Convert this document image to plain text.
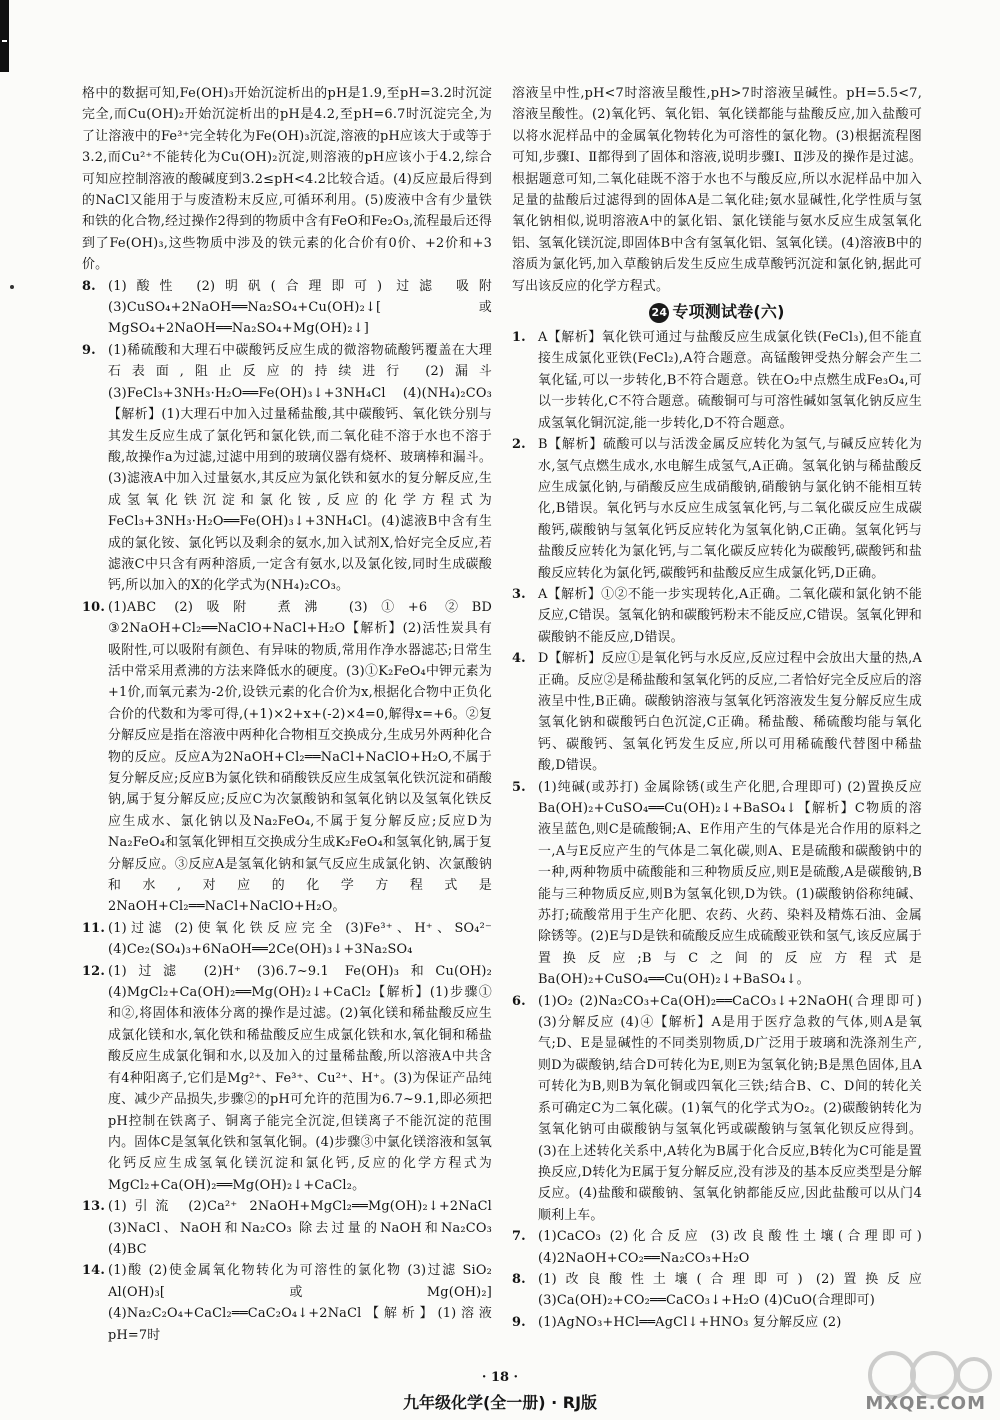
格中的数据可知,Fe(OH)₃开始沉淀析出的pH是1.9,至pH=3.2时沉淀完全,而Cu(OH)₂开始沉淀析出的pH是4.2,至pH=6.7时沉淀完全,为了让溶液中的Fe³⁺完全转化为Fe(OH)₃沉淀,溶液的pH应该大于或等于3.2,而Cu²⁺不能转化为Cu(OH)₂沉淀,则溶液的pH应该小于4.2,综合可知应控制溶液的酸碱度到3.2≤pH<4.2比较合适。(4)反应最后得到的NaCl又能用于与废渣粉末反应,可循环利用。(5)废液中含有少量铁和铁的化合物,经过操作2得到的物质中含有FeO和Fe₂O₃,流程最后还得到了Fe(OH)₃,这些物质中涉及的铁元素的化合价有0价、+2价和+3价。
8. (1)酸性 (2)明矾(合理即可) 过滤 吸附 (3)CuSO₄+2NaOH══Na₂SO₄+Cu(OH)₂↓[或MgSO₄+2NaOH══Na₂SO₄+Mg(OH)₂↓]
9. (1)稀硫酸和大理石中碳酸钙反应生成的微溶物硫酸钙覆盖在大理石表面,阻止反应的持续进行 (2)漏斗 (3)FeCl₃+3NH₃·H₂O══Fe(OH)₃↓+3NH₄Cl (4)(NH₄)₂CO₃【解析】(1)大理石中加入过量稀盐酸,其中碳酸钙、氧化铁分别与其发生反应生成了氯化钙和氯化铁,而二氧化硅不溶于水也不溶于酸,故操作a为过滤,过滤中用到的玻璃仪器有烧杯、玻璃棒和漏斗。(3)滤液A中加入过量氨水,其反应为氯化铁和氨水的复分解反应,生成氢氧化铁沉淀和氯化铵,反应的化学方程式为FeCl₃+3NH₃·H₂O══Fe(OH)₃↓+3NH₄Cl。(4)滤液B中含有生成的氯化铵、氯化钙以及剩余的氨水,加入试剂X,恰好完全反应,若滤液C中只含有两种溶质,一定含有氨水,以及氯化铵,同时生成碳酸钙,所以加入的X的化学式为(NH₄)₂CO₃。
10. (1)ABC (2)吸附 煮沸 (3)①+6 ②BD ③2NaOH+Cl₂══NaClO+NaCl+H₂O【解析】(2)活性炭具有吸附性,可以吸附有颜色、有异味的物质,常用作净水器滤芯;日常生活中常采用煮沸的方法来降低水的硬度。(3)①K₂FeO₄中钾元素为+1价,而氧元素为-2价,设铁元素的化合价为x,根据化合物中正负化合价的代数和为零可得,(+1)×2+x+(-2)×4=0,解得x=+6。②复分解反应是指在溶液中两种化合物相互交换成分,生成另外两种化合物的反应。反应A为2NaOH+Cl₂══NaCl+NaClO+H₂O,不属于复分解反应;反应B为氯化铁和硝酸铁反应生成氢氧化铁沉淀和硝酸钠,属于复分解反应;反应C为次氯酸钠和氢氧化钠以及氢氧化铁反应生成水、氯化钠以及Na₂FeO₄,不属于复分解反应;反应D为Na₂FeO₄和氢氧化钾相互交换成分生成K₂FeO₄和氢氧化钠,属于复分解反应。③反应A是氢氧化钠和氯气反应生成氯化钠、次氯酸钠和水,对应的化学方程式是2NaOH+Cl₂══NaCl+NaClO+H₂O。
11. (1)过滤 (2)使氧化铁反应完全 (3)Fe³⁺、H⁺、SO₄²⁻ (4)Ce₂(SO₄)₃+6NaOH══2Ce(OH)₃↓+3Na₂SO₄
12. (1)过滤 (2)H⁺ (3)6.7~9.1 Fe(OH)₃和Cu(OH)₂ (4)MgCl₂+Ca(OH)₂══Mg(OH)₂↓+CaCl₂【解析】(1)步骤①和②,将固体和液体分离的操作是过滤。(2)氧化镁和稀盐酸反应生成氯化镁和水,氧化铁和稀盐酸反应生成氯化铁和水,氧化铜和稀盐酸反应生成氯化铜和水,以及加入的过量稀盐酸,所以溶液A中共含有4种阳离子,它们是Mg²⁺、Fe³⁺、Cu²⁺、H⁺。(3)为保证产品纯度、减少产品损失,步骤②的pH可允许的范围为6.7~9.1,即必须把pH控制在铁离子、铜离子能完全沉淀,但镁离子不能沉淀的范围内。固体C是氢氧化铁和氢氧化铜。(4)步骤③中氯化镁溶液和氢氧化钙反应生成氢氧化镁沉淀和氯化钙,反应的化学方程式为MgCl₂+Ca(OH)₂══Mg(OH)₂↓+CaCl₂。
13. (1)引流 (2)Ca²⁺ 2NaOH+MgCl₂══Mg(OH)₂↓+2NaCl (3)NaCl、NaOH和Na₂CO₃ 除去过量的NaOH和Na₂CO₃ (4)BC
14. (1)酸 (2)使金属氧化物转化为可溶性的氯化物 (3)过滤 SiO₂ Al(OH)₃[或Mg(OH)₂] (4)Na₂C₂O₄+CaCl₂══CaC₂O₄↓+2NaCl【解析】(1)溶液pH=7时
溶液呈中性,pH<7时溶液呈酸性,pH>7时溶液呈碱性。pH=5.5<7,溶液呈酸性。(2)氧化钙、氧化铝、氧化镁都能与盐酸反应,加入盐酸可以将水泥样品中的金属氧化物转化为可溶性的氯化物。(3)根据流程图可知,步骤Ⅰ、Ⅱ都得到了固体和溶液,说明步骤Ⅰ、Ⅱ涉及的操作是过滤。根据题意可知,二氧化硅既不溶于水也不与酸反应,所以水泥样品中加入足量的盐酸后过滤得到的固体A是二氧化硅;氨水显碱性,化学性质与氢氧化钠相似,说明溶液A中的氯化铝、氯化镁能与氨水反应生成氢氧化铝、氢氧化镁沉淀,即固体B中含有氢氧化铝、氢氧化镁。(4)溶液B中的溶质为氯化钙,加入草酸钠后发生反应生成草酸钙沉淀和氯化钠,据此可写出该反应的化学方程式。
24 专项测试卷(六)
1. A【解析】氧化铁可通过与盐酸反应生成氯化铁(FeCl₃),但不能直接生成氯化亚铁(FeCl₂),A符合题意。高锰酸钾受热分解会产生二氧化锰,可以一步转化,B不符合题意。铁在O₂中点燃生成Fe₃O₄,可以一步转化,C不符合题意。硫酸铜可与可溶性碱如氢氧化钠反应生成氢氧化铜沉淀,能一步转化,D不符合题意。
2. B【解析】硫酸可以与活泼金属反应转化为氢气,与碱反应转化为水,氢气点燃生成水,水电解生成氢气,A正确。氢氧化钠与稀盐酸反应生成氯化钠,与硝酸反应生成硝酸钠,硝酸钠与氯化钠不能相互转化,B错误。氧化钙与水反应生成氢氧化钙,与二氧化碳反应生成碳酸钙,碳酸钠与氢氧化钙反应转化为氢氧化钠,C正确。氢氧化钙与盐酸反应转化为氯化钙,与二氧化碳反应转化为碳酸钙,碳酸钙和盐酸反应转化为氯化钙,碳酸钙和盐酸反应生成氯化钙,D正确。
3. A【解析】①②不能一步实现转化,A正确。二氧化碳和氯化钠不能反应,C错误。氢氧化钠和碳酸钙粉末不能反应,C错误。氢氧化钾和碳酸钠不能反应,D错误。
4. D【解析】反应①是氧化钙与水反应,反应过程中会放出大量的热,A正确。反应②是稀盐酸和氢氧化钙的反应,二者恰好完全反应后的溶液呈中性,B正确。碳酸钠溶液与氢氧化钙溶液发生复分解反应生成氢氧化钠和碳酸钙白色沉淀,C正确。稀盐酸、稀硫酸均能与氧化钙、碳酸钙、氢氧化钙发生反应,所以可用稀硫酸代替图中稀盐酸,D错误。
5. (1)纯碱(或苏打) 金属除锈(或生产化肥,合理即可) (2)置换反应 Ba(OH)₂+CuSO₄══Cu(OH)₂↓+BaSO₄↓【解析】C物质的溶液呈蓝色,则C是硫酸铜;A、E作用产生的气体是光合作用的原料之一,A与E反应产生的气体是二氧化碳,则A、E是硫酸和碳酸钠中的一种,两种物质中硫酸能和三种物质反应,则E是硫酸,A是碳酸钠,B能与三种物质反应,则B为氢氧化钡,D为铁。(1)碳酸钠俗称纯碱、苏打;硫酸常用于生产化肥、农药、火药、染料及精炼石油、金属除锈等。(2)E与D是铁和硫酸反应生成硫酸亚铁和氢气,该反应属于置换反应;B与C之间的反应方程式是Ba(OH)₂+CuSO₄══Cu(OH)₂↓+BaSO₄↓。
6. (1)O₂ (2)Na₂CO₃+Ca(OH)₂══CaCO₃↓+2NaOH(合理即可) (3)分解反应 (4)④【解析】A是用于医疗急救的气体,则A是氧气;D、E是显碱性的不同类别物质,D广泛用于玻璃和洗涤剂生产,则D为碳酸钠,结合D可转化为E,则E为氢氧化钠;B是黑色固体,且A可转化为B,则B为氧化铜或四氧化三铁;结合B、C、D间的转化关系可确定C为二氧化碳。(1)氧气的化学式为O₂。(2)碳酸钠转化为氢氧化钠可由碳酸钠与氢氧化钙或碳酸钠与氢氧化钡反应得到。(3)在上述转化关系中,A转化为B属于化合反应,B转化为C可能是置换反应,D转化为E属于复分解反应,没有涉及的基本反应类型是分解反应。(4)盐酸和碳酸钠、氢氧化钠都能反应,因此盐酸可以从门4顺利上车。
7. (1)CaCO₃ (2)化合反应 (3)改良酸性土壤(合理即可) (4)2NaOH+CO₂══Na₂CO₃+H₂O
8. (1)改良酸性土壤(合理即可) (2)置换反应 (3)Ca(OH)₂+CO₂══CaCO₃↓+H₂O (4)CuO(合理即可)
9. (1)AgNO₃+HCl══AgCl↓+HNO₃ 复分解反应 (2)
· 18 ·
九年级化学(全一册) · RJ版	MXQE.COM
